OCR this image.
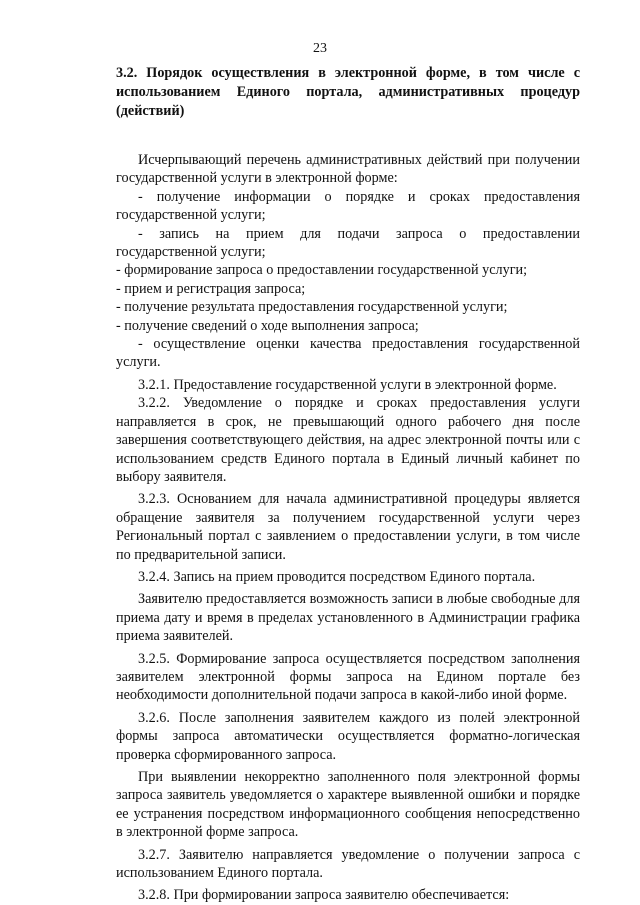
23

3.2. Порядок осуществления в электронной форме, в том числе с использованием Единого портала, административных процедур (действий)

Исчерпывающий перечень административных действий при получении государственной услуги в электронной форме:

- получение информации о порядке и сроках предоставления государственной услуги;

- запись на прием для подачи запроса о предоставлении государственной услуги;

- формирование запроса о предоставлении государственной услуги;

- прием и регистрация запроса;

- получение результата предоставления государственной услуги;

- получение сведений о ходе выполнения запроса;

- осуществление оценки качества предоставления государственной услуги.

3.2.1. Предоставление государственной услуги в электронной форме.

3.2.2. Уведомление о порядке и сроках предоставления услуги направляется в срок, не превышающий одного рабочего дня после завершения соответствующего действия, на адрес электронной почты или с использованием средств Единого портала в Единый личный кабинет по выбору заявителя.

3.2.3. Основанием для начала административной процедуры является обращение заявителя за получением государственной услуги через Региональный портал с заявлением о предоставлении услуги, в том числе по предварительной записи.

3.2.4. Запись на прием проводится посредством Единого портала.

Заявителю предоставляется возможность записи в любые свободные для приема дату и время в пределах установленного в Администрации графика приема заявителей.

3.2.5. Формирование запроса осуществляется посредством заполнения заявителем электронной формы запроса на Едином портале без необходимости дополнительной подачи запроса в какой-либо иной форме.

3.2.6. После заполнения заявителем каждого из полей электронной формы запроса автоматически осуществляется форматно-логическая проверка сформированного запроса.

При выявлении некорректно заполненного поля электронной формы запроса заявитель уведомляется о характере выявленной ошибки и порядке ее устранения посредством информационного сообщения непосредственно в электронной форме запроса.

3.2.7. Заявителю направляется уведомление о получении запроса с использованием Единого портала.

3.2.8. При формировании запроса заявителю обеспечивается:
